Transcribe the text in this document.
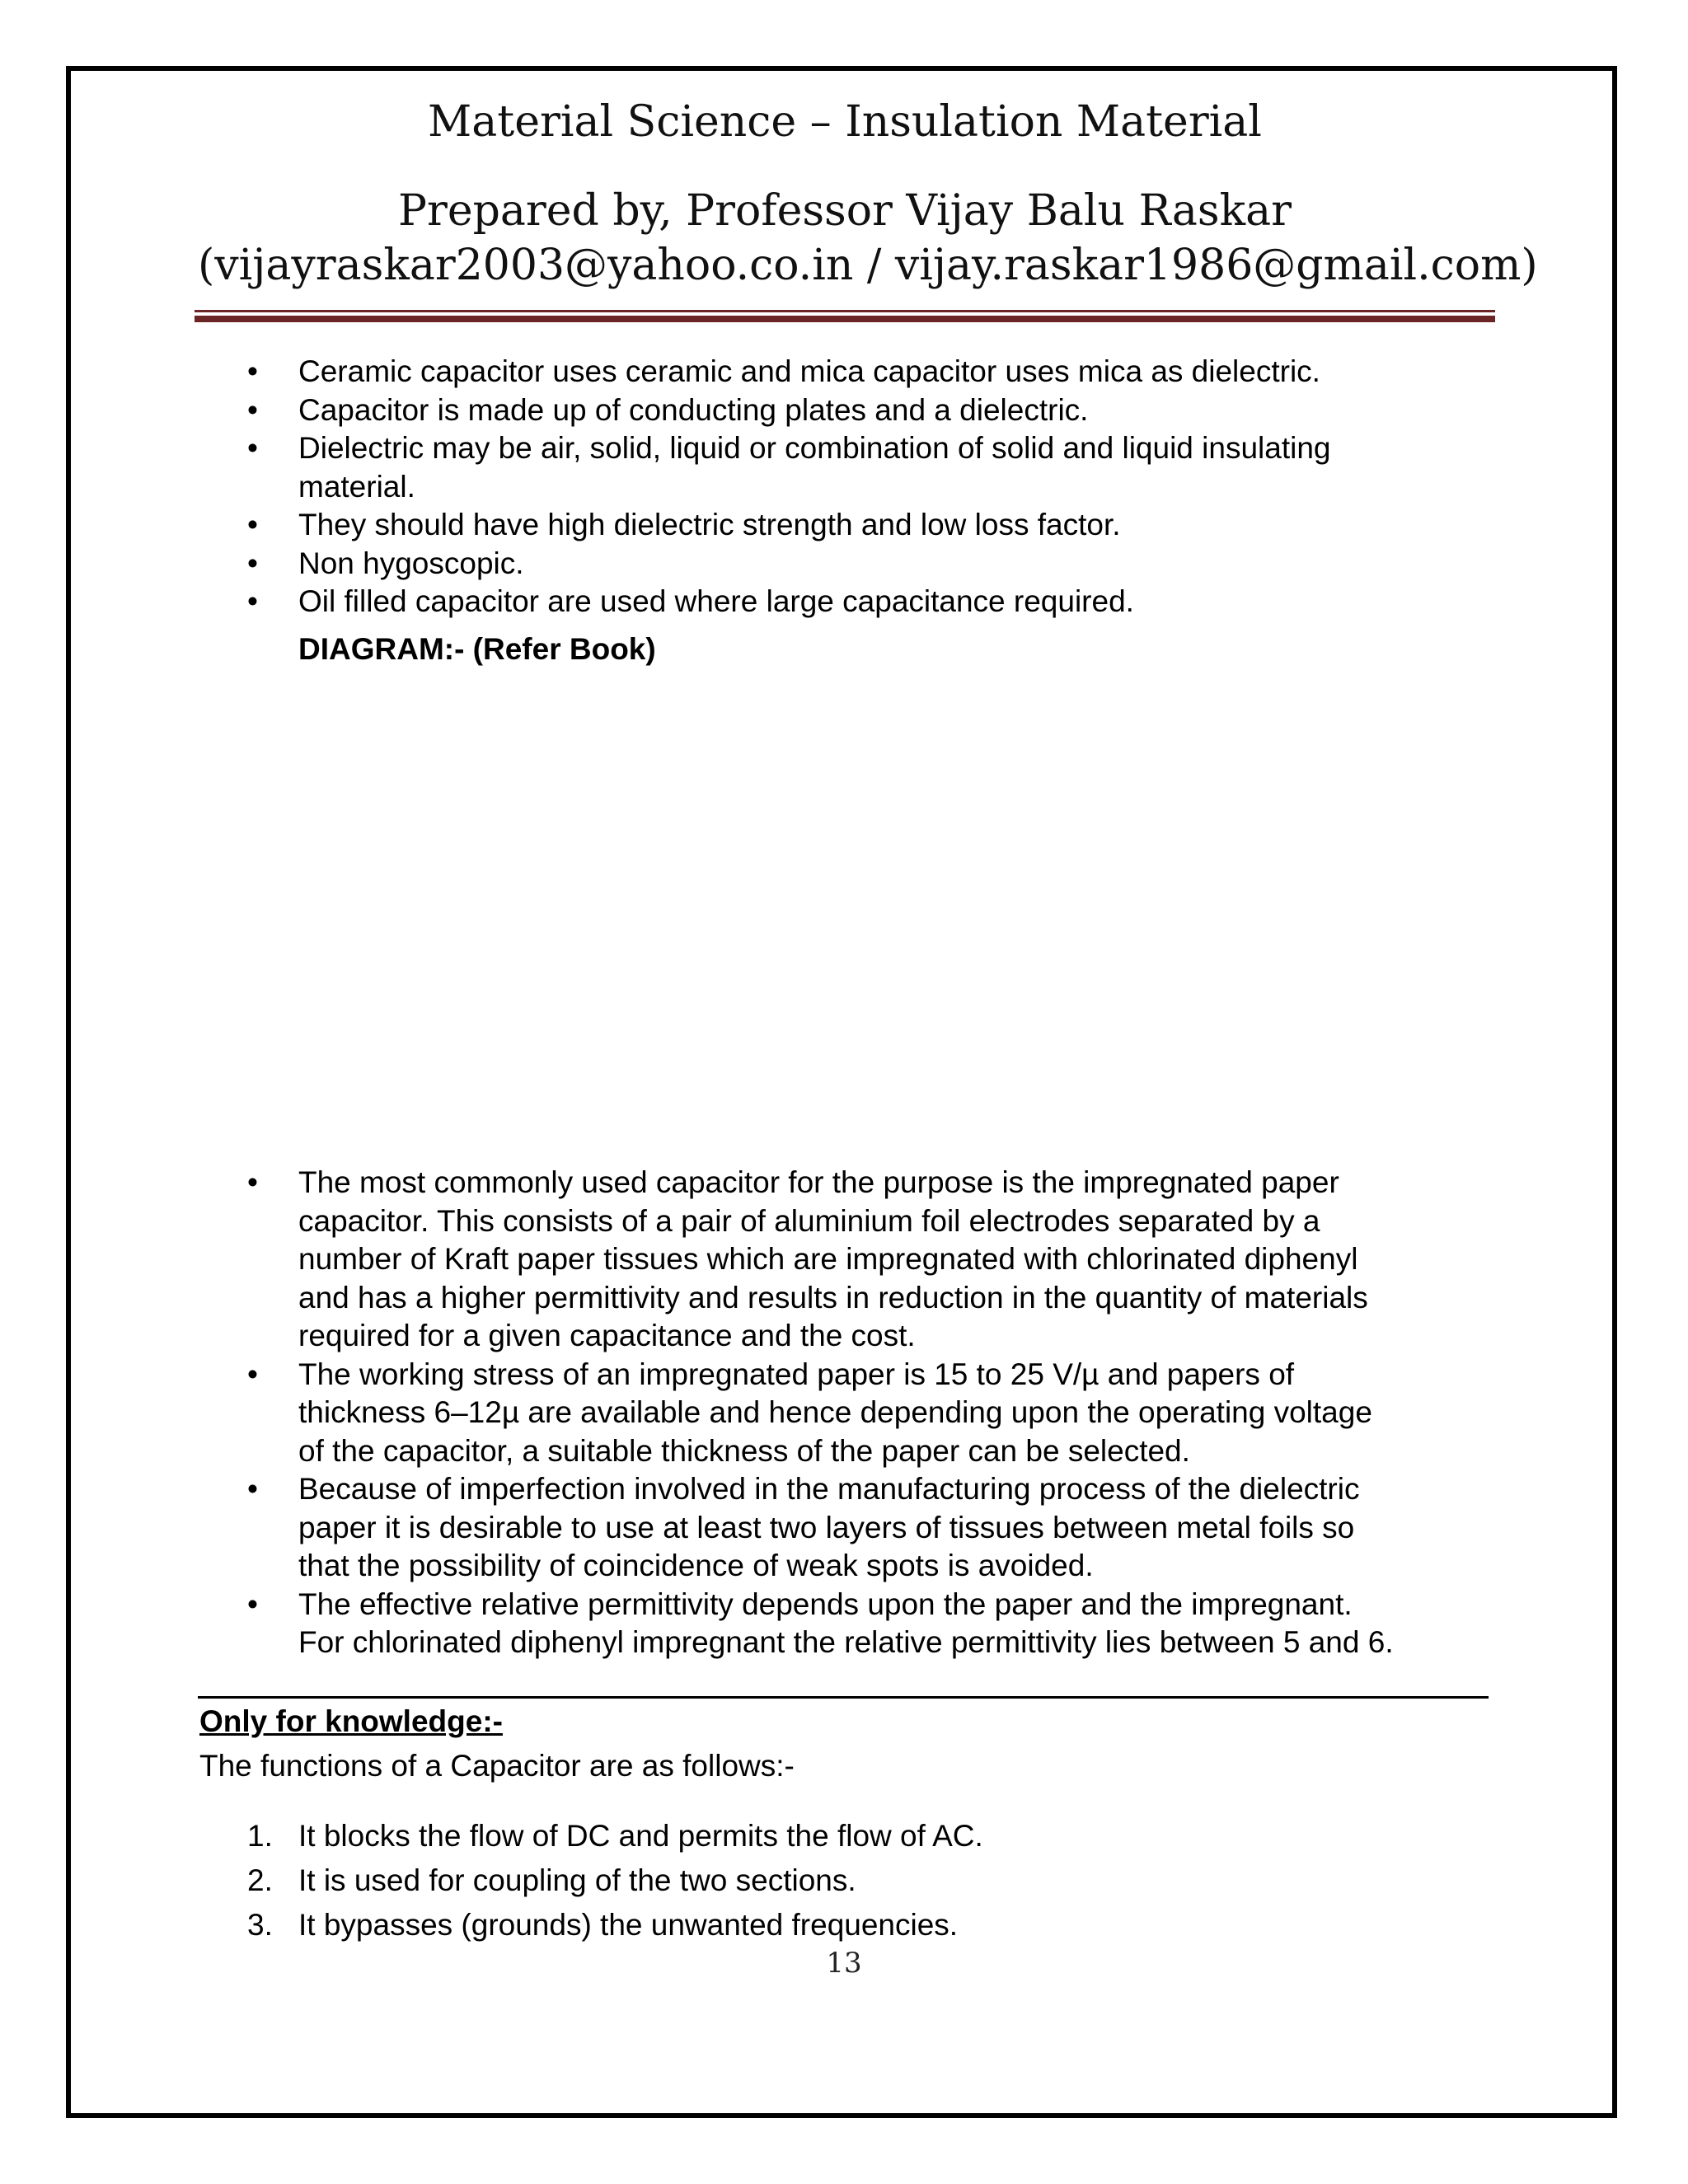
Material Science – Insulation Material
Prepared by, Professor Vijay Balu Raskar
(vijayraskar2003@yahoo.co.in / vijay.raskar1986@gmail.com)
• Ceramic capacitor uses ceramic and mica capacitor uses mica as dielectric.
• Capacitor is made up of conducting plates and a dielectric.
• Dielectric may be air, solid, liquid or combination of solid and liquid insulating
material.
• They should have high dielectric strength and low loss factor.
• Non hygoscopic.
• Oil filled capacitor are used where large capacitance required.
DIAGRAM:- (Refer Book)
• The most commonly used capacitor for the purpose is the impregnated paper
capacitor. This consists of a pair of aluminium foil electrodes separated by a
number of Kraft paper tissues which are impregnated with chlorinated diphenyl
and has a higher permittivity and results in reduction in the quantity of materials
required for a given capacitance and the cost.
• The working stress of an impregnated paper is 15 to 25 V/µ and papers of
thickness 6–12µ are available and hence depending upon the operating voltage
of the capacitor, a suitable thickness of the paper can be selected.
• Because of imperfection involved in the manufacturing process of the dielectric
paper it is desirable to use at least two layers of tissues between metal foils so
that the possibility of coincidence of weak spots is avoided.
• The effective relative permittivity depends upon the paper and the impregnant.
For chlorinated diphenyl impregnant the relative permittivity lies between 5 and 6.
Only for knowledge:-
The functions of a Capacitor are as follows:-
1. It blocks the flow of DC and permits the flow of AC.
2. It is used for coupling of the two sections.
3. It bypasses (grounds) the unwanted frequencies.
13
